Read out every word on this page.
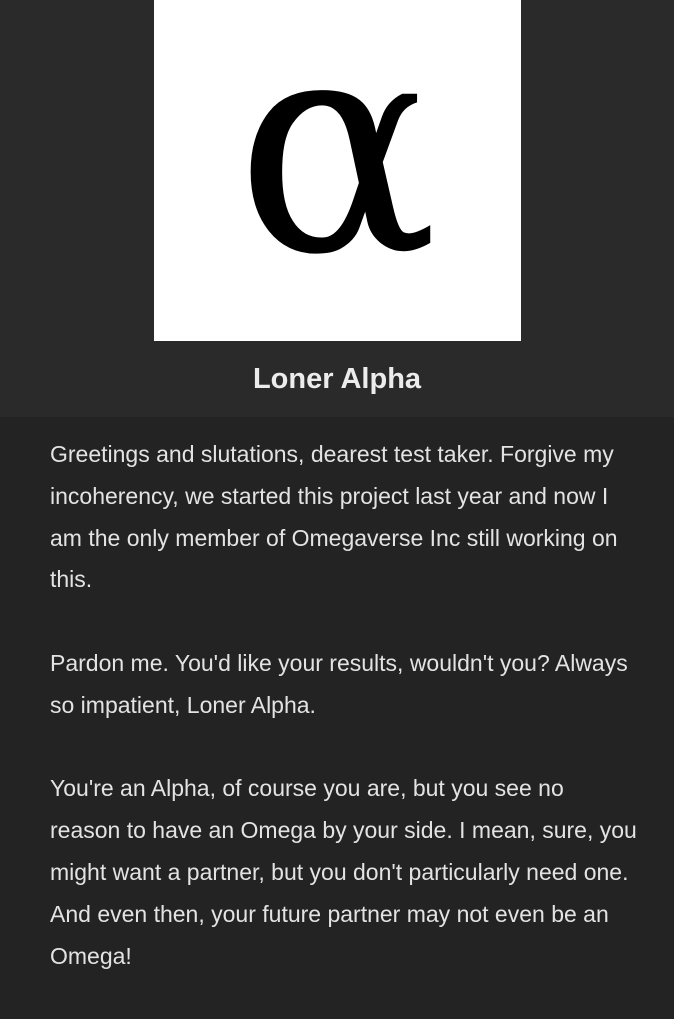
α
Loner Alpha

Greetings and slutations, dearest test taker. Forgive my incoherency, we started this project last year and now I am the only member of Omegaverse Inc still working on this.

Pardon me. You'd like your results, wouldn't you? Always so impatient, Loner Alpha.

You're an Alpha, of course you are, but you see no reason to have an Omega by your side. I mean, sure, you might want a partner, but you don't particularly need one. And even then, your future partner may not even be an Omega!
